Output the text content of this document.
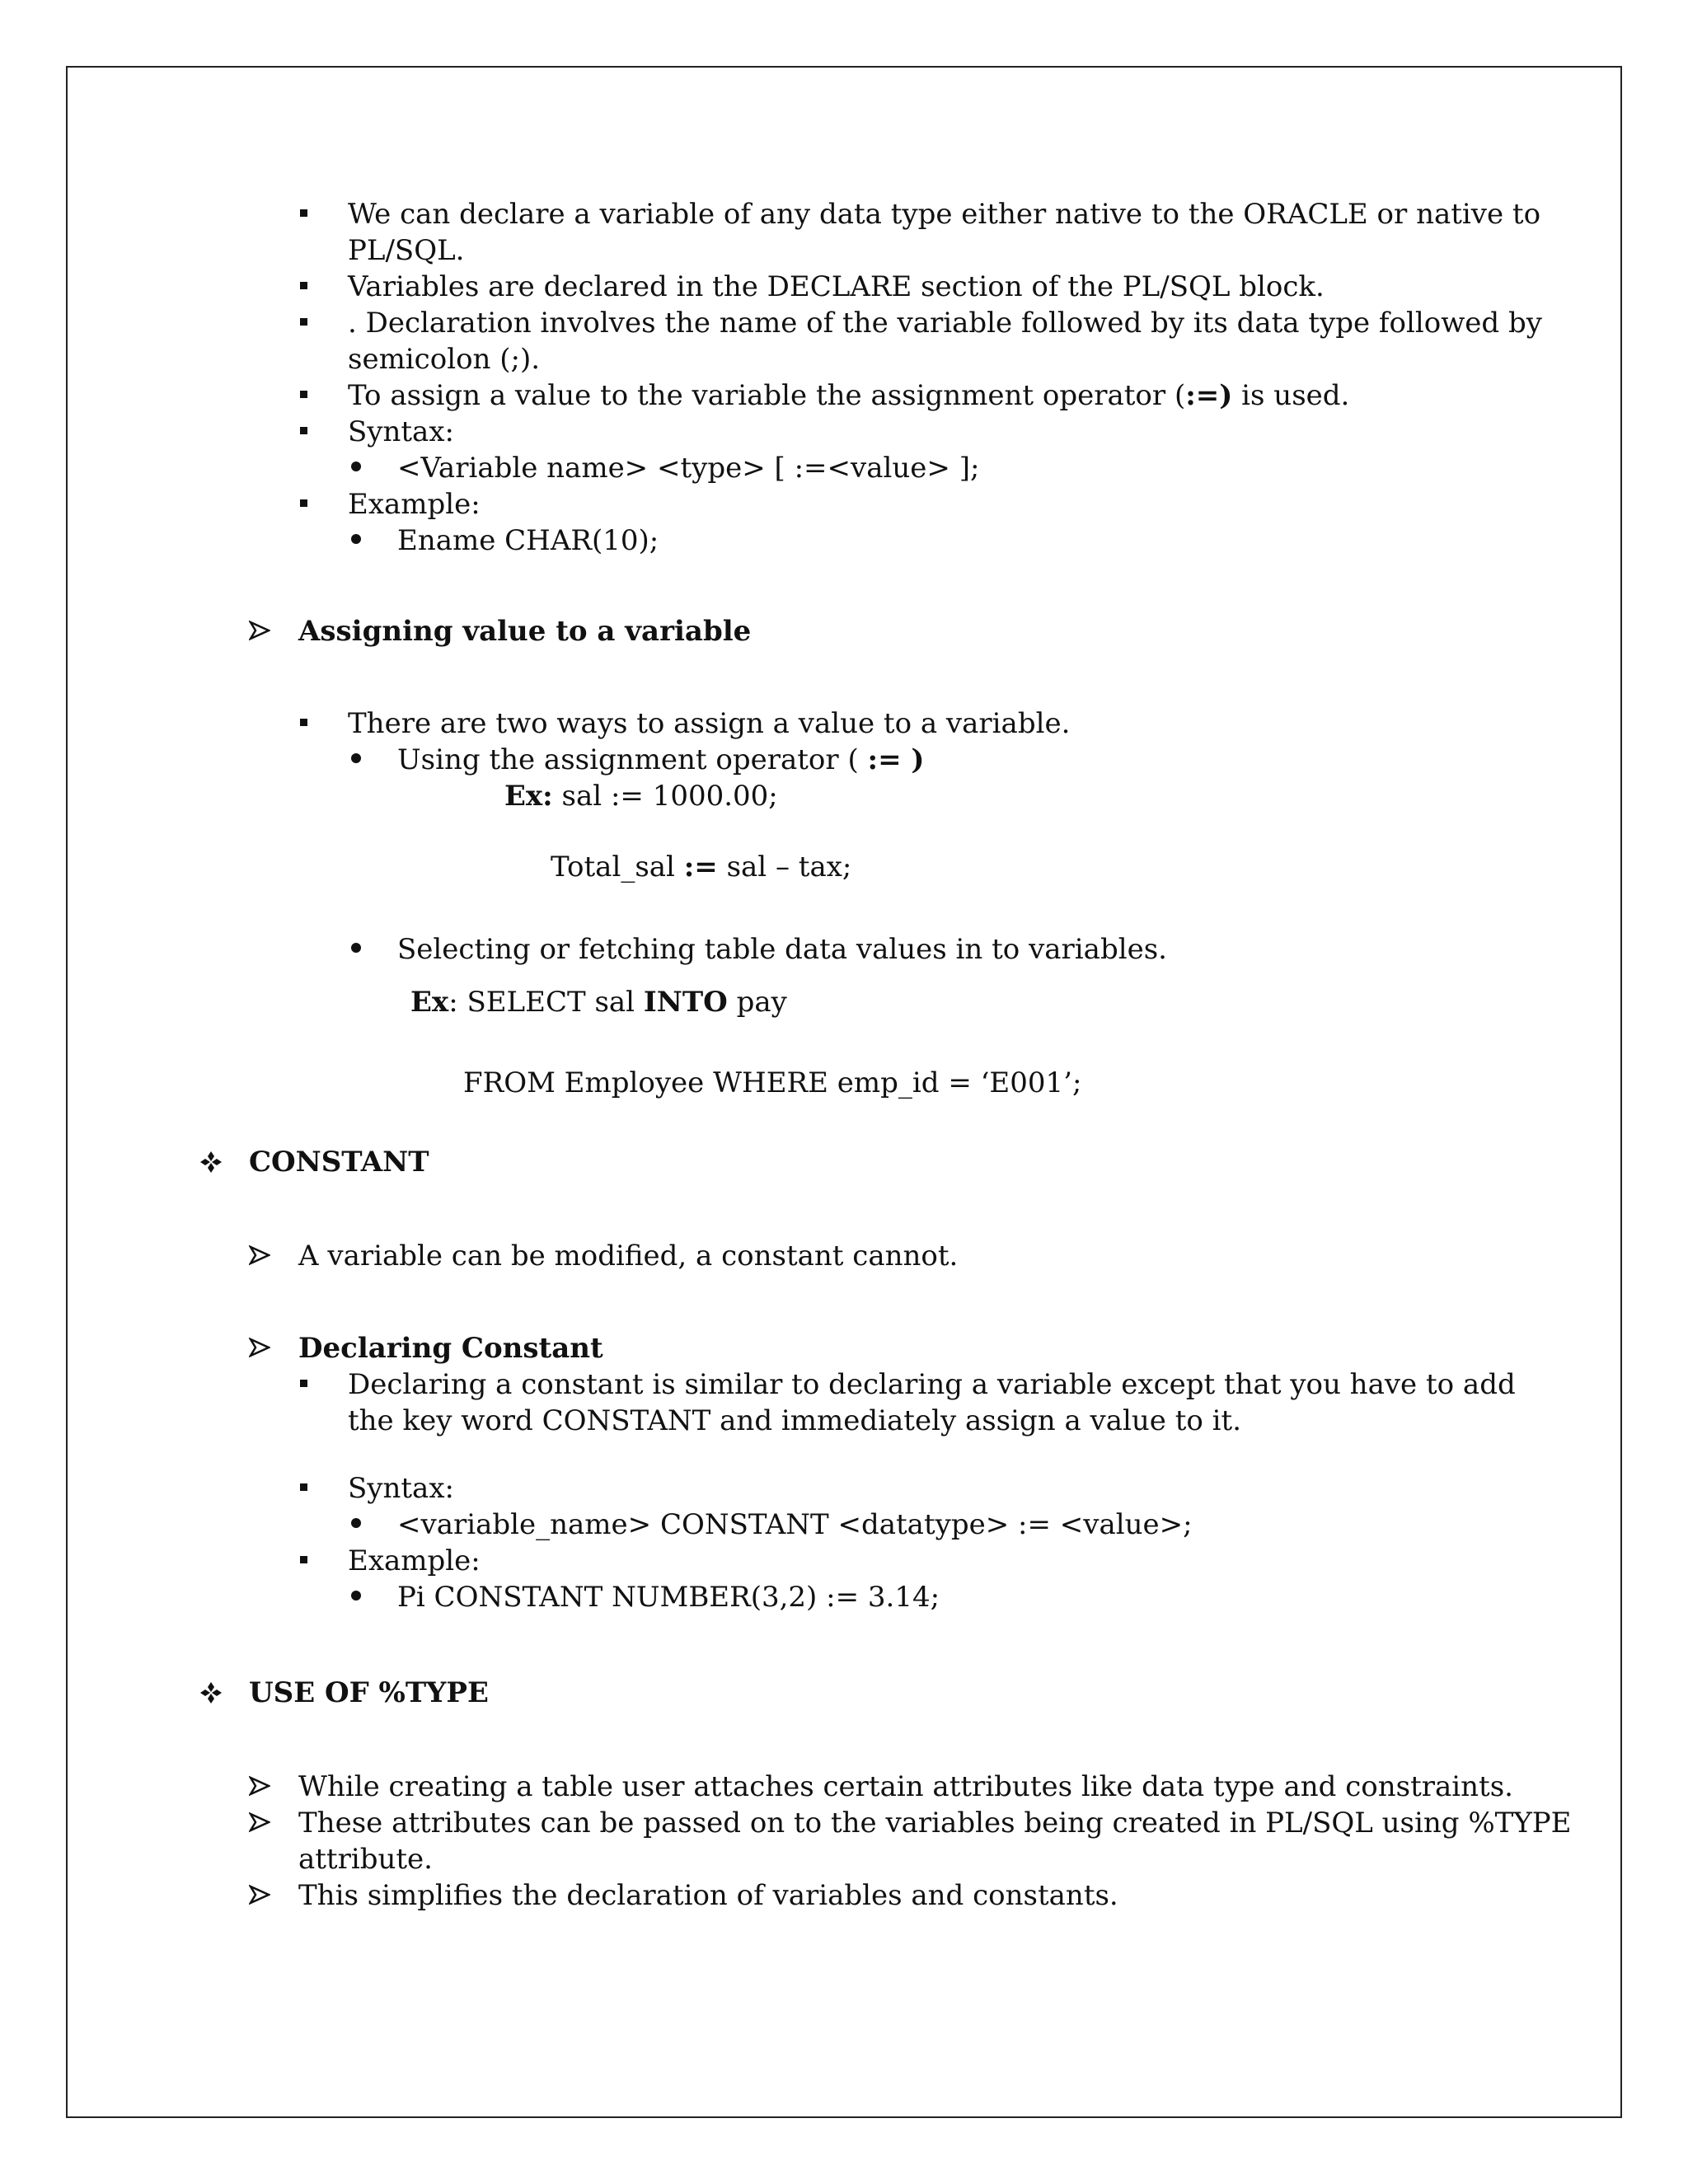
We can declare a variable of any data type either native to the ORACLE or native to
PL/SQL.
Variables are declared in the DECLARE section of the PL/SQL block.
. Declaration involves the name of the variable followed by its data type followed by
semicolon (;).
To assign a value to the variable the assignment operator (:=) is used.
Syntax:
<Variable name> <type> [ :=<value> ];
Example:
Ename CHAR(10);
Assigning value to a variable
There are two ways to assign a value to a variable.
Using the assignment operator ( := )
Ex: sal := 1000.00;
Total_sal := sal – tax;
Selecting or fetching table data values in to variables.
Ex: SELECT sal INTO pay
FROM Employee WHERE emp_id = ‘E001’;
CONSTANT
A variable can be modified, a constant cannot.
Declaring Constant
Declaring a constant is similar to declaring a variable except that you have to add
the key word CONSTANT and immediately assign a value to it.
Syntax:
<variable_name> CONSTANT <datatype> := <value>;
Example:
Pi CONSTANT NUMBER(3,2) := 3.14;
USE OF %TYPE
While creating a table user attaches certain attributes like data type and constraints.
These attributes can be passed on to the variables being created in PL/SQL using %TYPE
attribute.
This simplifies the declaration of variables and constants.
